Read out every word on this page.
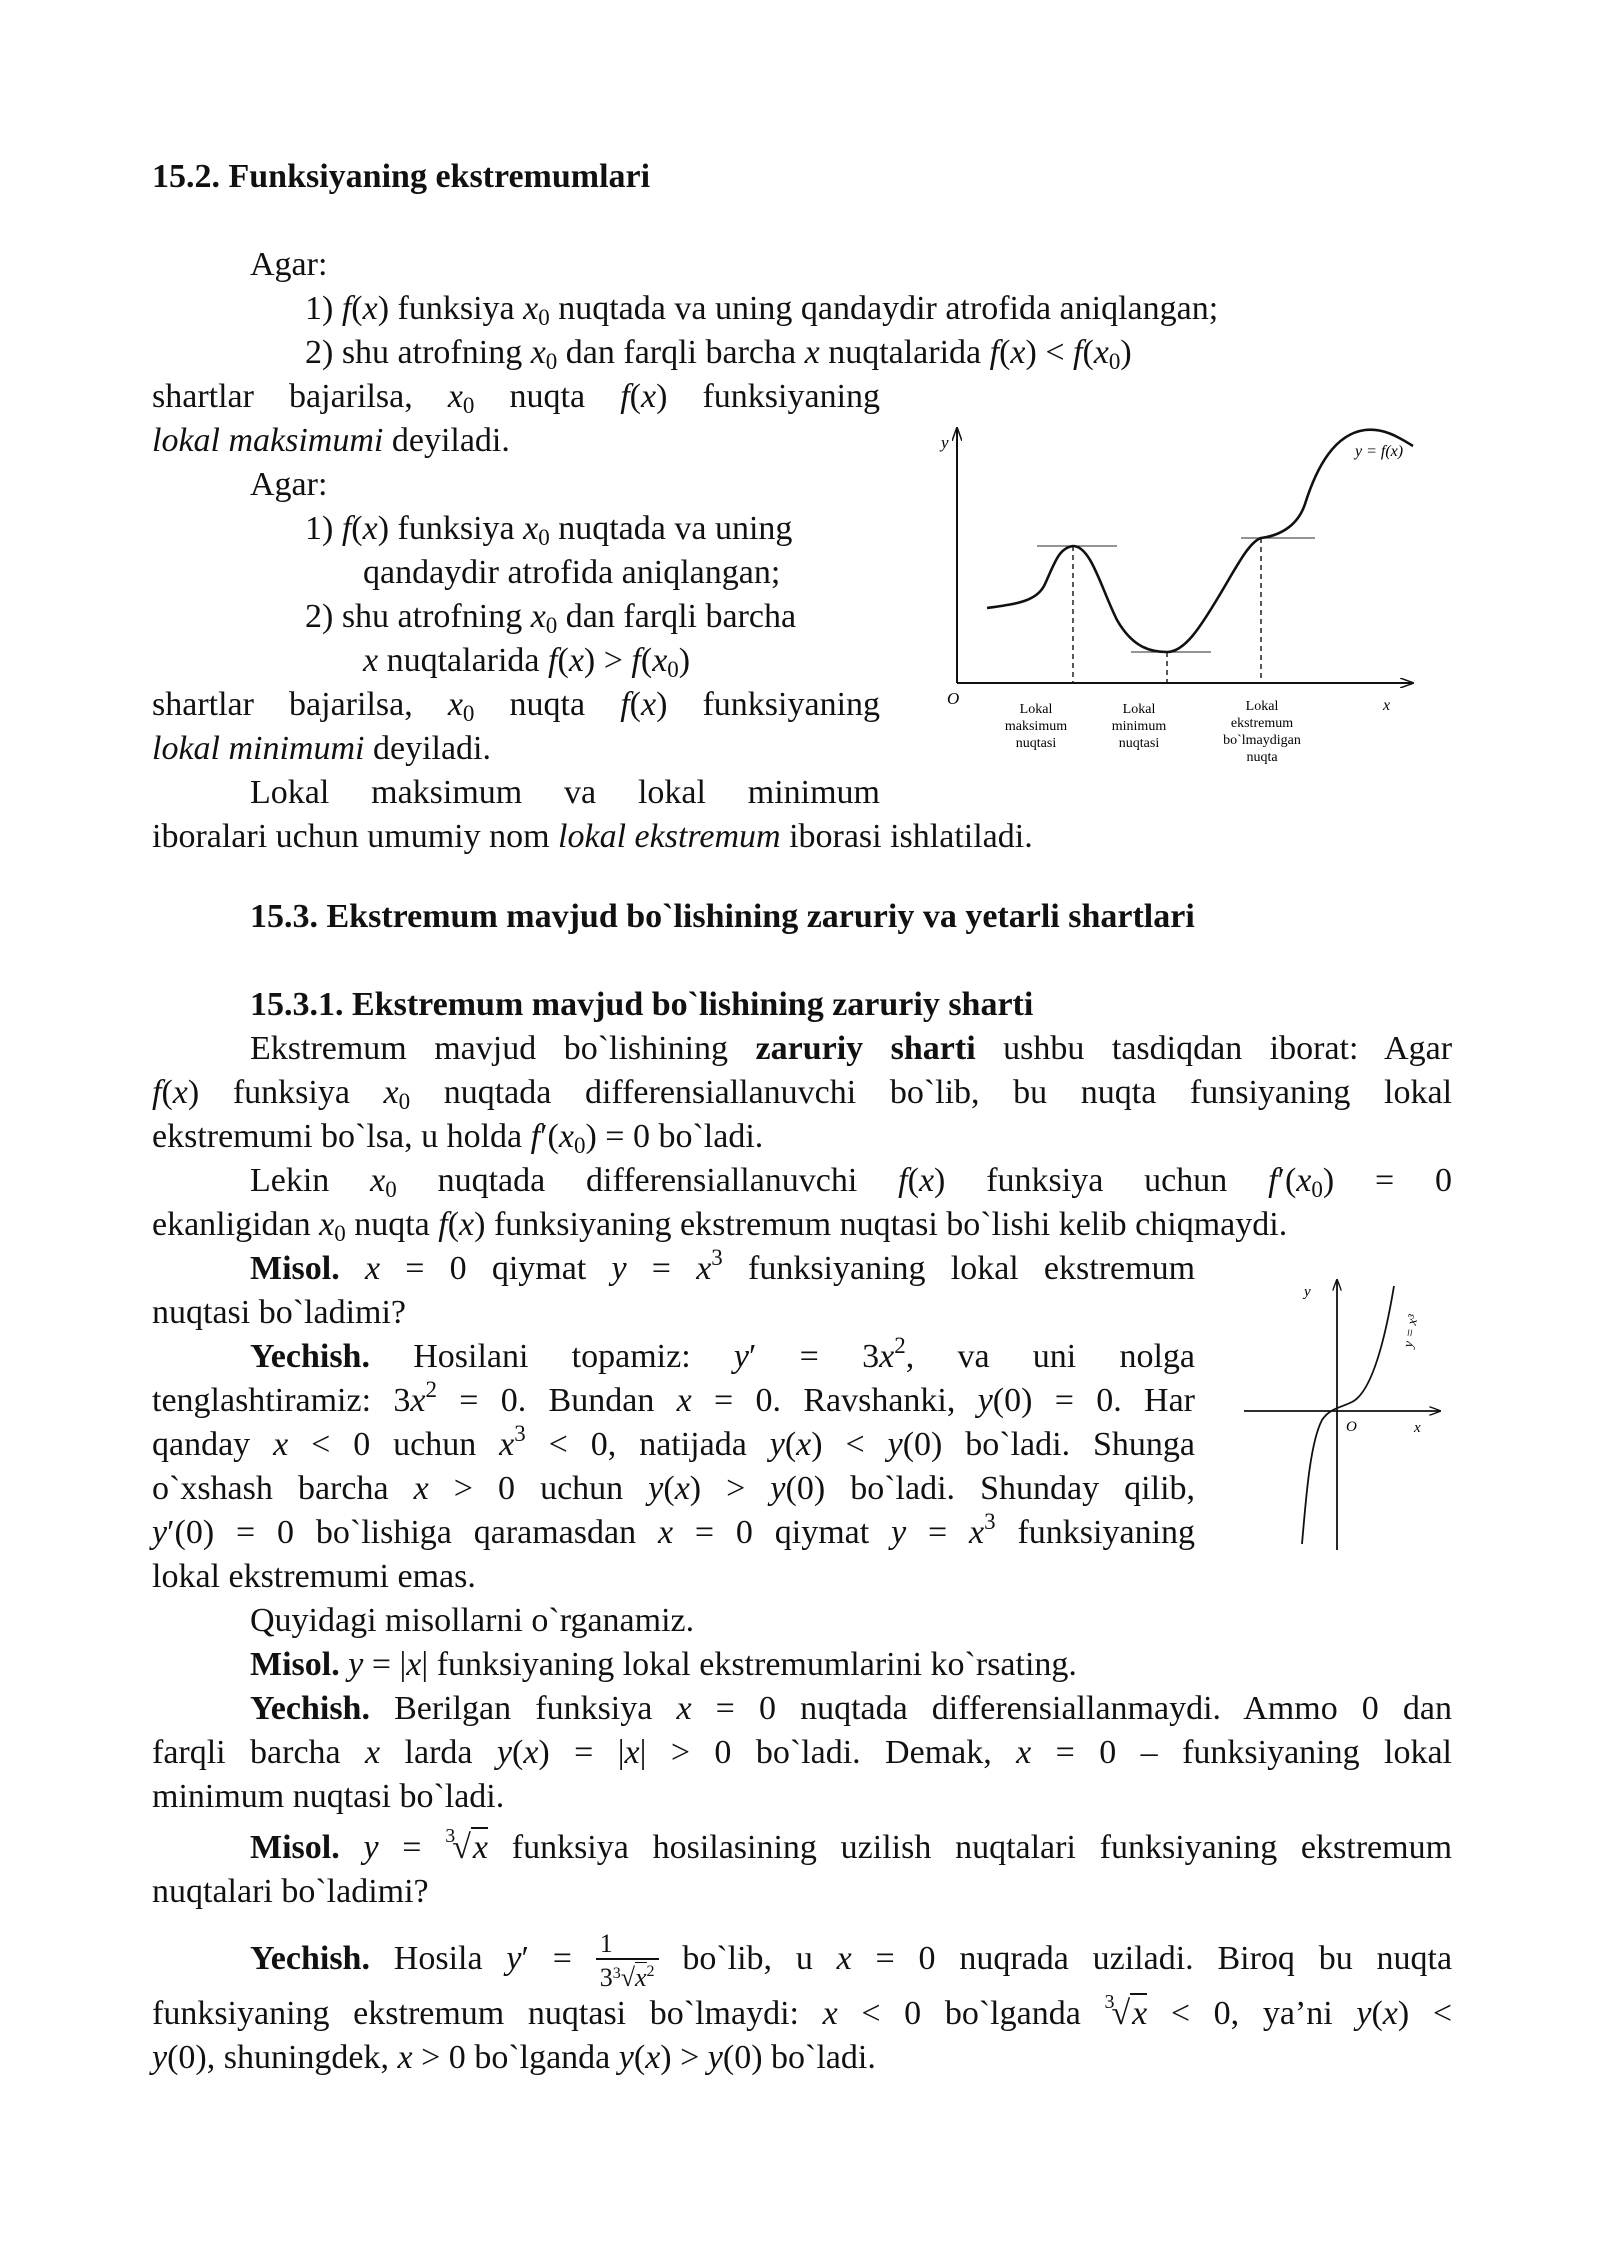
15.2. Funksiyaning ekstremumlari
Agar:
1) f(x) funksiya $x_0$ nuqtada va uning qandaydir atrofida aniqlangan;
2) shu atrofning $x_0$ dan farqli barcha x nuqtalarida $f(x) < f(x_0)$
shartlar bajarilsa, $x_0$ nuqta f(x) funksiyaning
lokal maksimumi deyiladi.
Agar:
1) f(x) funksiya $x_0$ nuqtada va uning
qandaydir atrofida aniqlangan;
2) shu atrofning $x_0$ dan farqli barcha
x nuqtalarida $f(x) > f(x_0)$
shartlar bajarilsa, $x_0$ nuqta f(x) funksiyaning
lokal minimumi deyiladi.
Lokal maksimum va lokal minimum
iboralari uchun umumiy nom lokal ekstremum iborasi ishlatiladi.
y
O	x
y = f(x)
Lokal
maksimum
nuqtasi
Lokal
minimum
nuqtasi
Lokal
ekstremum
bo`lmaydigan
nuqta
15.3. Ekstremum mavjud bo`lishining zaruriy va yetarli shartlari
15.3.1. Ekstremum mavjud bo`lishining zaruriy sharti
Ekstremum mavjud bo`lishining zaruriy sharti ushbu tasdiqdan iborat: Agar
f(x) funksiya $x_0$ nuqtada differensiallanuvchi bo`lib, bu nuqta funsiyaning lokal
ekstremumi bo`lsa, u holda $f'(x_0) = 0$ bo`ladi.
Lekin $x_0$ nuqtada differensiallanuvchi f(x) funksiya uchun $f'(x_0) = 0$
ekanligidan $x_0$ nuqta f(x) funksiyaning ekstremum nuqtasi bo`lishi kelib chiqmaydi.
Misol. x = 0 qiymat $y = x^3$ funksiyaning lokal ekstremum
nuqtasi bo`ladimi?
Yechish. Hosilani topamiz: $y' = 3x^2$, va uni nolga
tenglashtiramiz: $3x^2 = 0$. Bundan x = 0. Ravshanki, y(0) = 0. Har
qanday x < 0 uchun $x^3 < 0$, natijada y(x) < y(0) bo`ladi. Shunga
o`xshash barcha x > 0 uchun y(x) > y(0) bo`ladi. Shunday qilib,
y′(0) = 0 bo`lishiga qaramasdan x = 0 qiymat $y = x^3$ funksiyaning
lokal ekstremumi emas.
y
O	x
y = x³
Quyidagi misollarni o`rganamiz.
Misol. y = |x| funksiyaning lokal ekstremumlarini ko`rsating.
Yechish. Berilgan funksiya x = 0 nuqtada differensiallanmaydi. Ammo 0 dan
farqli barcha x larda y(x) = |x| > 0 bo`ladi. Demak, x = 0 – funksiyaning lokal
minimum nuqtasi bo`ladi.
Misol. y = $^3$√x funksiya hosilasining uzilish nuqtalari funksiyaning ekstremum
nuqtalari bo`ladimi?
Yechish. Hosila $y' = \frac{1}{3^3√x^2}$ bo`lib, u x = 0 nuqrada uziladi. Biroq bu nuqta
funksiyaning ekstremum nuqtasi bo`lmaydi: x < 0 bo`lganda $^3$√x < 0, ya’ni y(x) <
y(0), shuningdek, x > 0 bo`lganda y(x) > y(0) bo`ladi.
